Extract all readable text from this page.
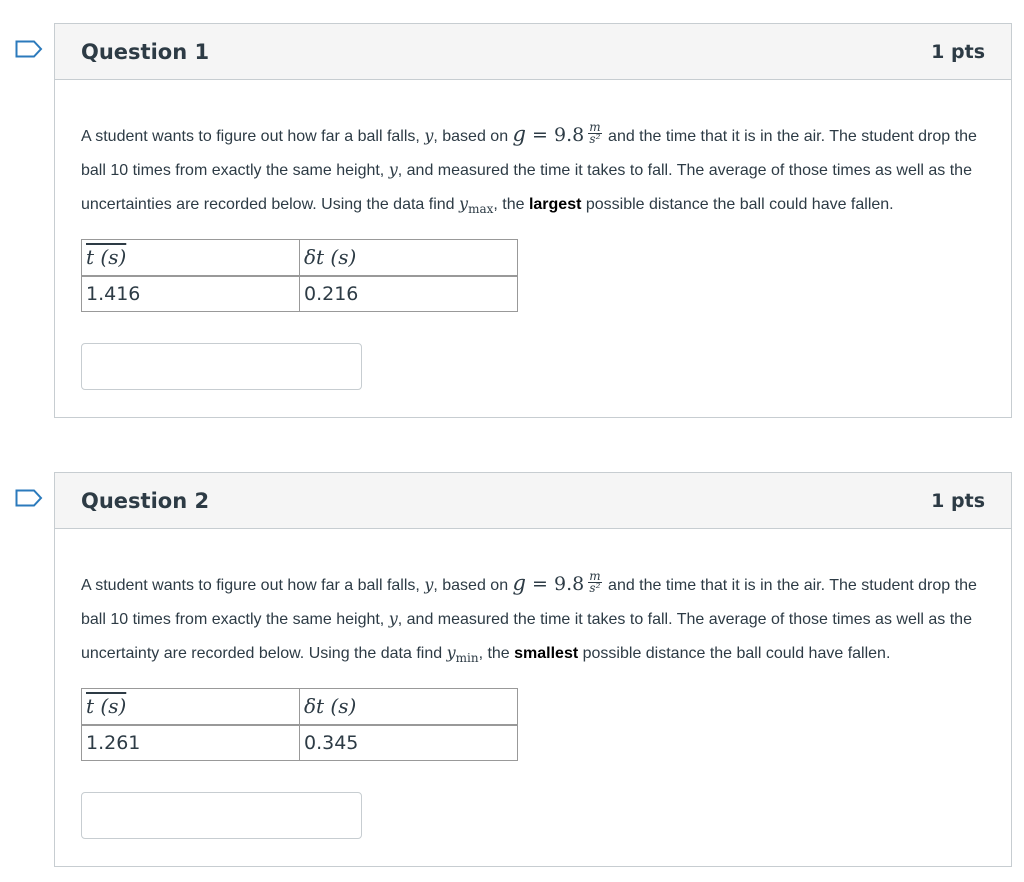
Question 1	1 pts

A student wants to figure out how far a ball falls, y, based on $g = 9.8 \frac{m}{\text{s²}}$ and the time that it is in the air. The student drop the ball 10 times from exactly the same height, y, and measured the time it takes to fall. The average of those times as well as the uncertainties are recorded below. Using the data find $y_{max}$, the largest possible distance the ball could have fallen.

t (s)	δt (s)
1.416	0.216
Question 2	1 pts

A student wants to figure out how far a ball falls, y, based on $g = 9.8 \frac{m}{\text{s²}}$ and the time that it is in the air. The student drop the ball 10 times from exactly the same height, y, and measured the time it takes to fall. The average of those times as well as the uncertainty are recorded below. Using the data find $y_{min}$, the smallest possible distance the ball could have fallen.

t (s)	δt (s)
1.261	0.345
